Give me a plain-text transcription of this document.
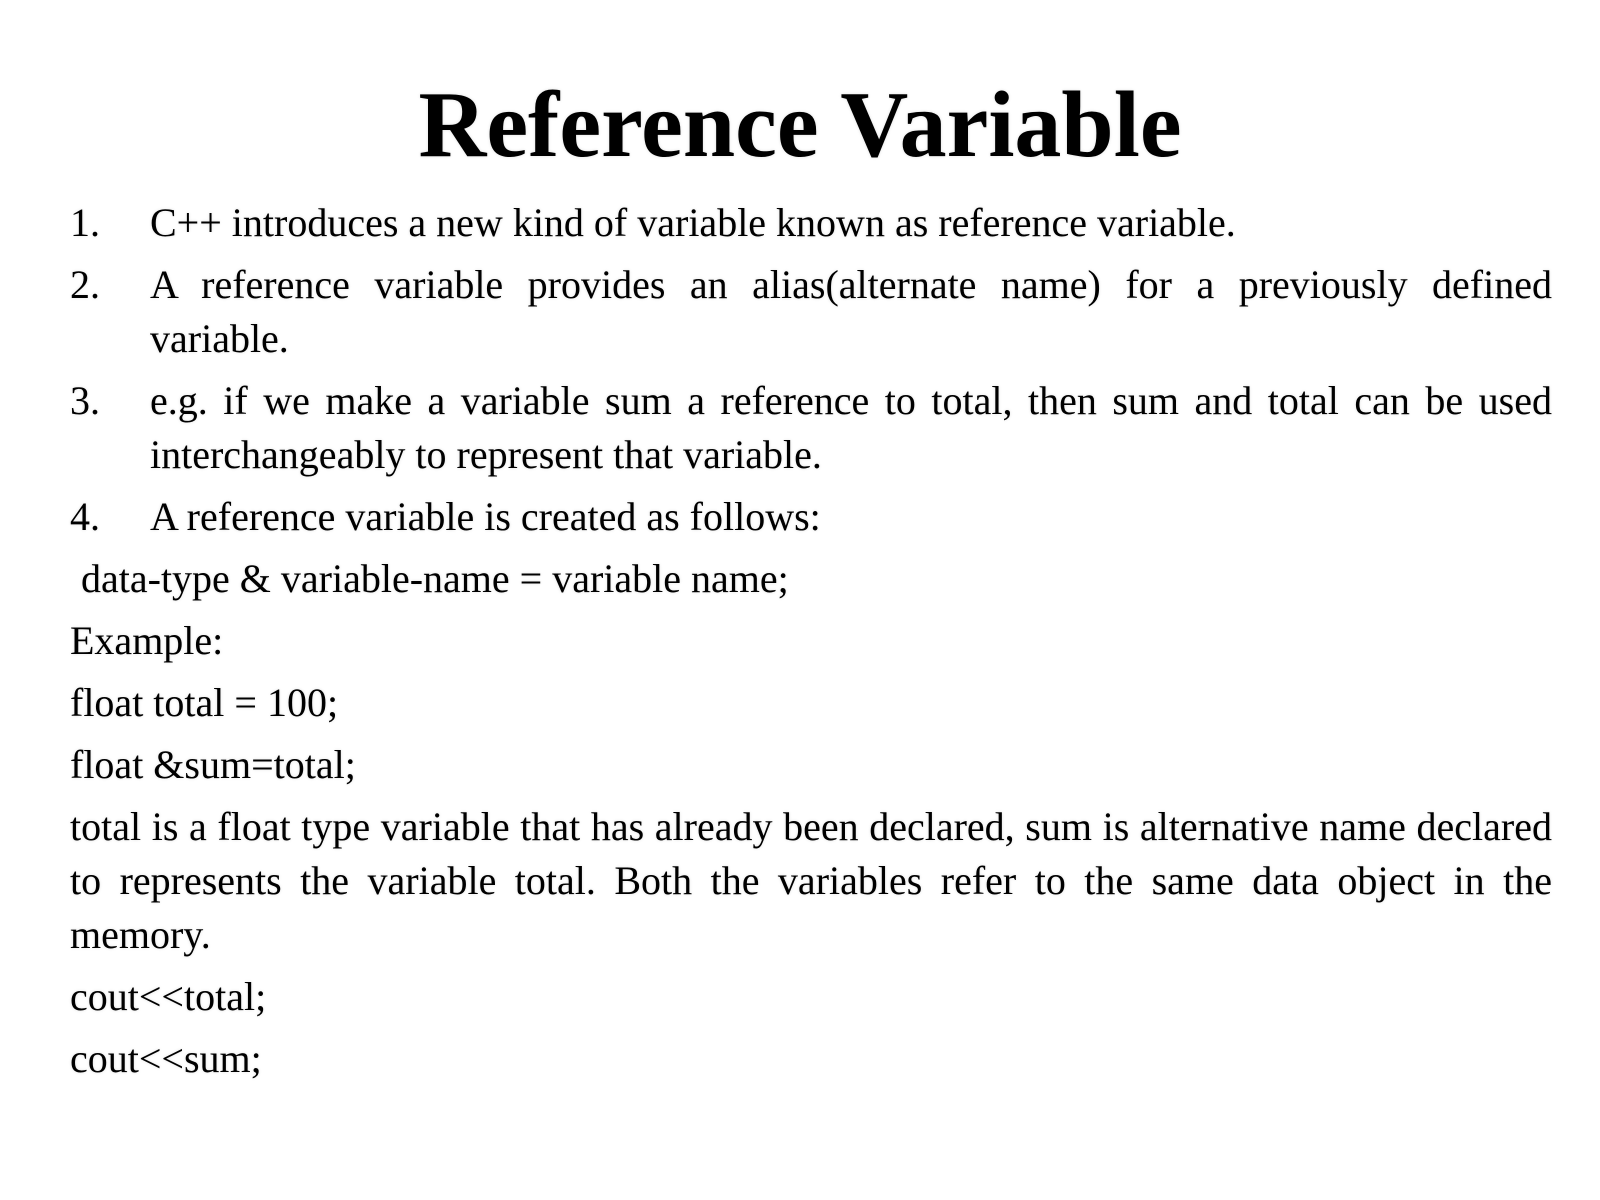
Reference Variable
1.	C++ introduces a new kind of variable known as reference variable.
2.	A reference variable provides an alias(alternate name) for a previously defined variable.
3.	e.g. if we make a variable sum a reference to total, then sum and total can be used interchangeably to represent that variable.
4.	A reference variable is created as follows:
data-type & variable-name = variable name;
Example:
float total = 100;
float &sum=total;
total is a float type variable that has already been declared, sum is alternative name declared to represents the variable total. Both the variables refer to the same data object in the memory.
cout<<total;
cout<<sum;
